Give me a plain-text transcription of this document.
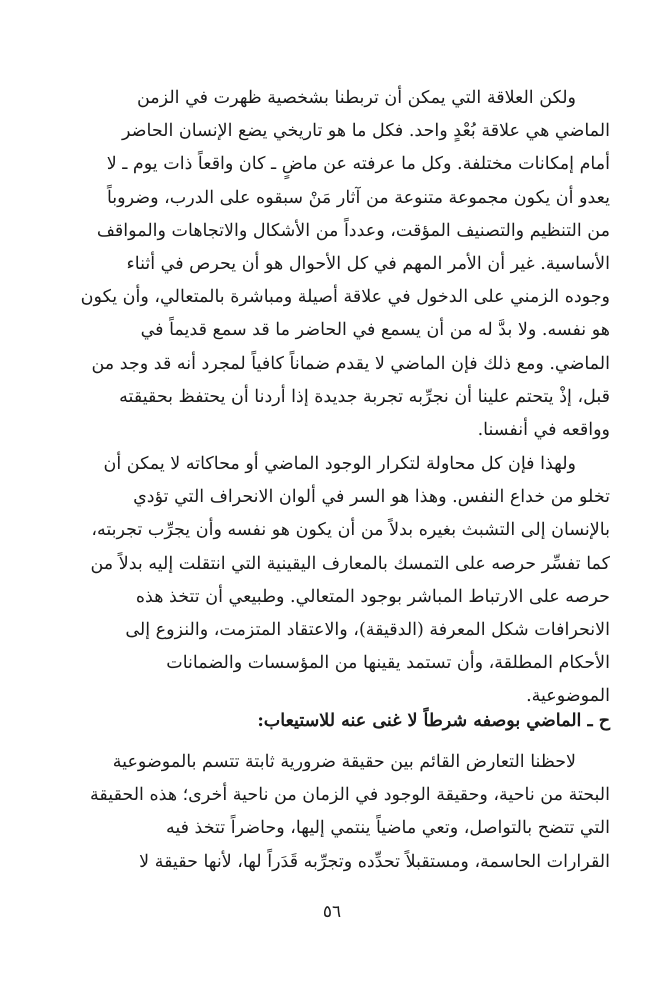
ولكن العلاقة التي يمكن أن تربطنا بشخصية ظهرت في الزمن
الماضي هي علاقة بُعْدٍ واحد. فكل ما هو تاريخي يضع الإنسان الحاضر
أمام إمكانات مختلفة. وكل ما عرفته عن ماضٍ ـ كان واقعاً ذات يوم ـ لا
يعدو أن يكون مجموعة متنوعة من آثار مَنْ سبقوه على الدرب، وضروباً
من التنظيم والتصنيف المؤقت، وعدداً من الأشكال والاتجاهات والمواقف
الأساسية. غير أن الأمر المهم في كل الأحوال هو أن يحرص في أثناء
وجوده الزمني على الدخول في علاقة أصيلة ومباشرة بالمتعالي، وأن يكون
هو نفسه. ولا بدَّ له من أن يسمع في الحاضر ما قد سمع قديماً في
الماضي. ومع ذلك فإن الماضي لا يقدم ضماناً كافياً لمجرد أنه قد وجد من
قبل، إذْ يتحتم علينا أن نجرِّبه تجربة جديدة إذا أردنا أن يحتفظ بحقيقته
وواقعه في أنفسنا.
ولهذا فإن كل محاولة لتكرار الوجود الماضي أو محاكاته لا يمكن أن
تخلو من خداع النفس. وهذا هو السر في ألوان الانحراف التي تؤدي
بالإنسان إلى التشبث بغيره بدلاً من أن يكون هو نفسه وأن يجرِّب تجربته،
كما تفسِّر حرصه على التمسك بالمعارف اليقينية التي انتقلت إليه بدلاً من
حرصه على الارتباط المباشر بوجود المتعالي. وطبيعي أن تتخذ هذه
الانحرافات شكل المعرفة (الدقيقة)، والاعتقاد المتزمت، والنزوع إلى
الأحكام المطلقة، وأن تستمد يقينها من المؤسسات والضمانات
الموضوعية.
ح ـ الماضي بوصفه شرطاً لا غنى عنه للاستيعاب:
لاحظنا التعارض القائم بين حقيقة ضرورية ثابتة تتسم بالموضوعية
البحتة من ناحية، وحقيقة الوجود في الزمان من ناحية أخرى؛ هذه الحقيقة
التي تتضح بالتواصل، وتعي ماضياً ينتمي إليها، وحاضراً تتخذ فيه
القرارات الحاسمة، ومستقبلاً تحدِّده وتجرِّبه قَدَراً لها، لأنها حقيقة لا
٥٦
